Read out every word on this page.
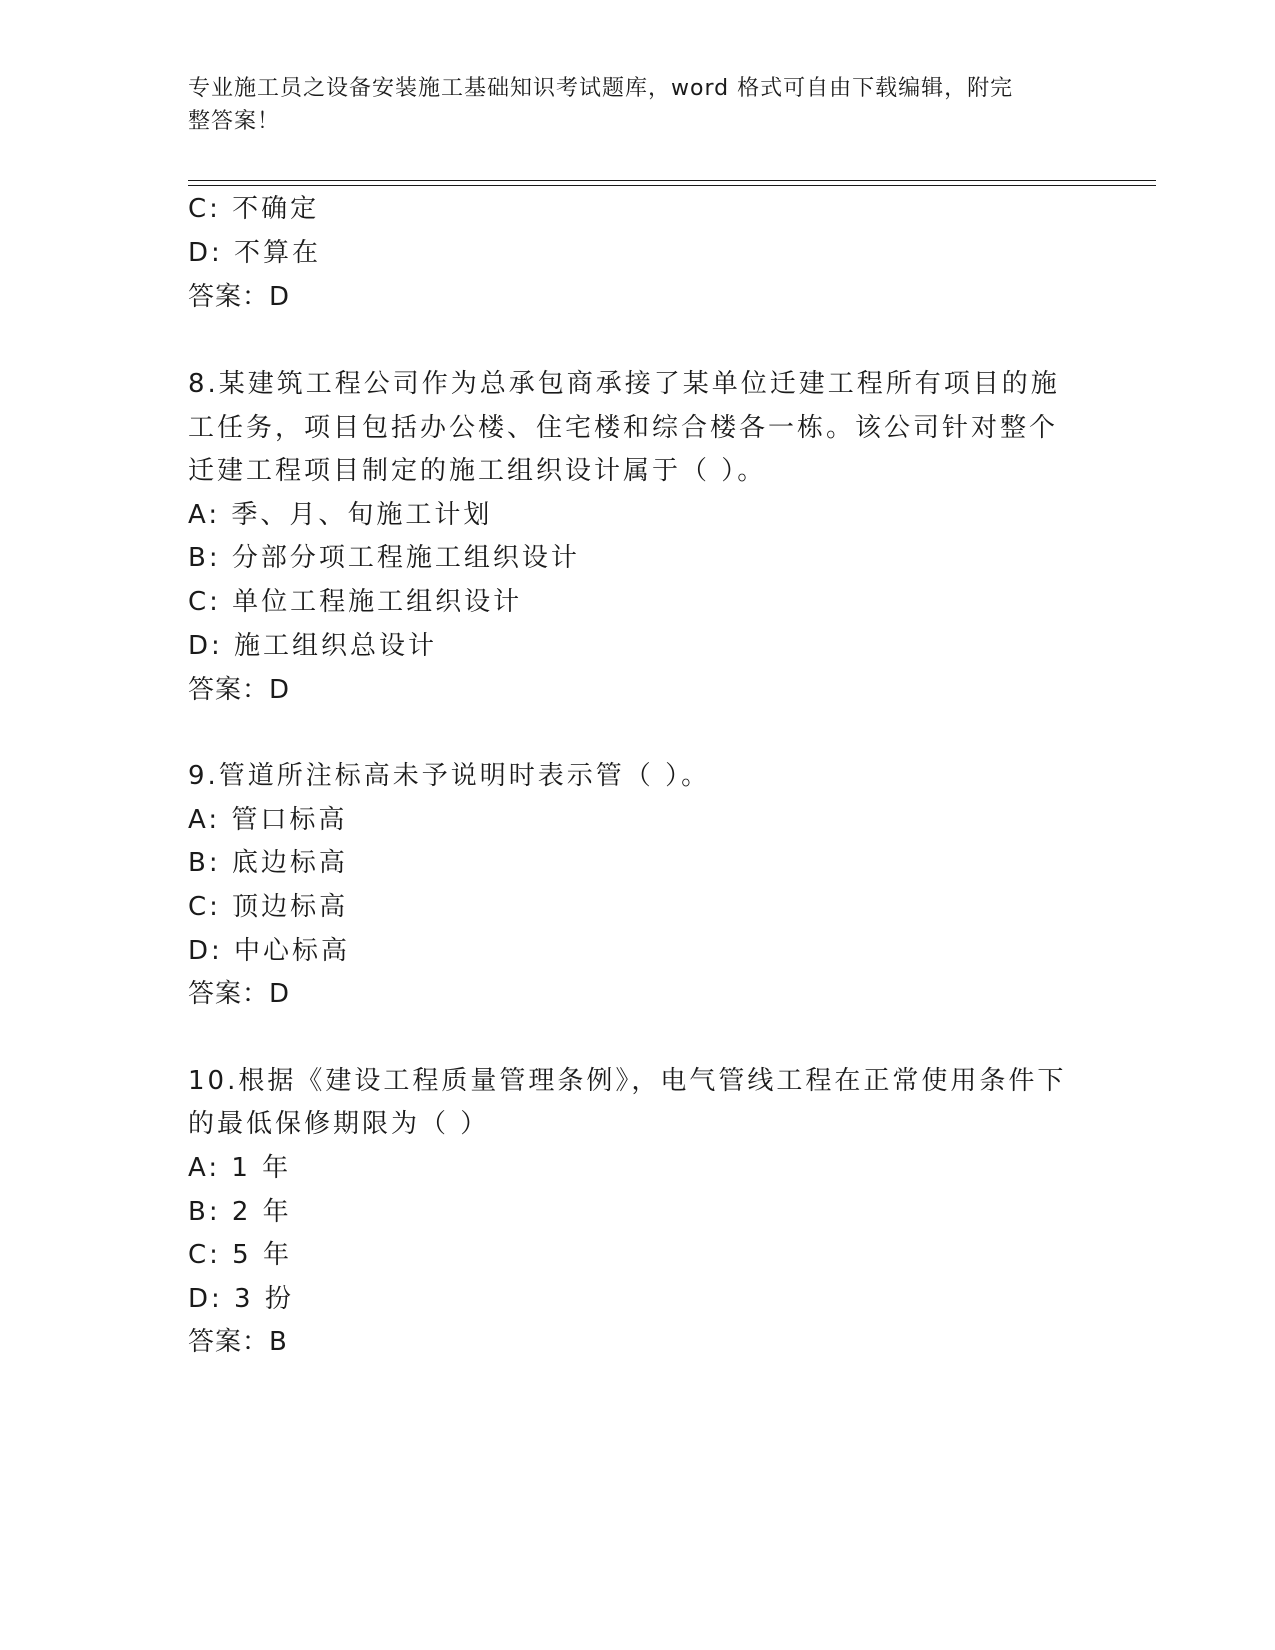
专业施工员之设备安装施工基础知识考试题库，word 格式可自由下载编辑，附完
整答案！
C: 不确定
D: 不算在
答案：D
8.某建筑工程公司作为总承包商承接了某单位迁建工程所有项目的施
工任务，项目包括办公楼、住宅楼和综合楼各一栋。该公司针对整个
迁建工程项目制定的施工组织设计属于（ ）。
A: 季、月、旬施工计划
B: 分部分项工程施工组织设计
C: 单位工程施工组织设计
D: 施工组织总设计
答案：D
9.管道所注标高未予说明时表示管（ ）。
A: 管口标高
B: 底边标高
C: 顶边标高
D: 中心标高
答案：D
10.根据《建设工程质量管理条例》，电气管线工程在正常使用条件下
的最低保修期限为（ ）
A: 1 年
B: 2 年
C: 5 年
D: 3 扮
答案：B
